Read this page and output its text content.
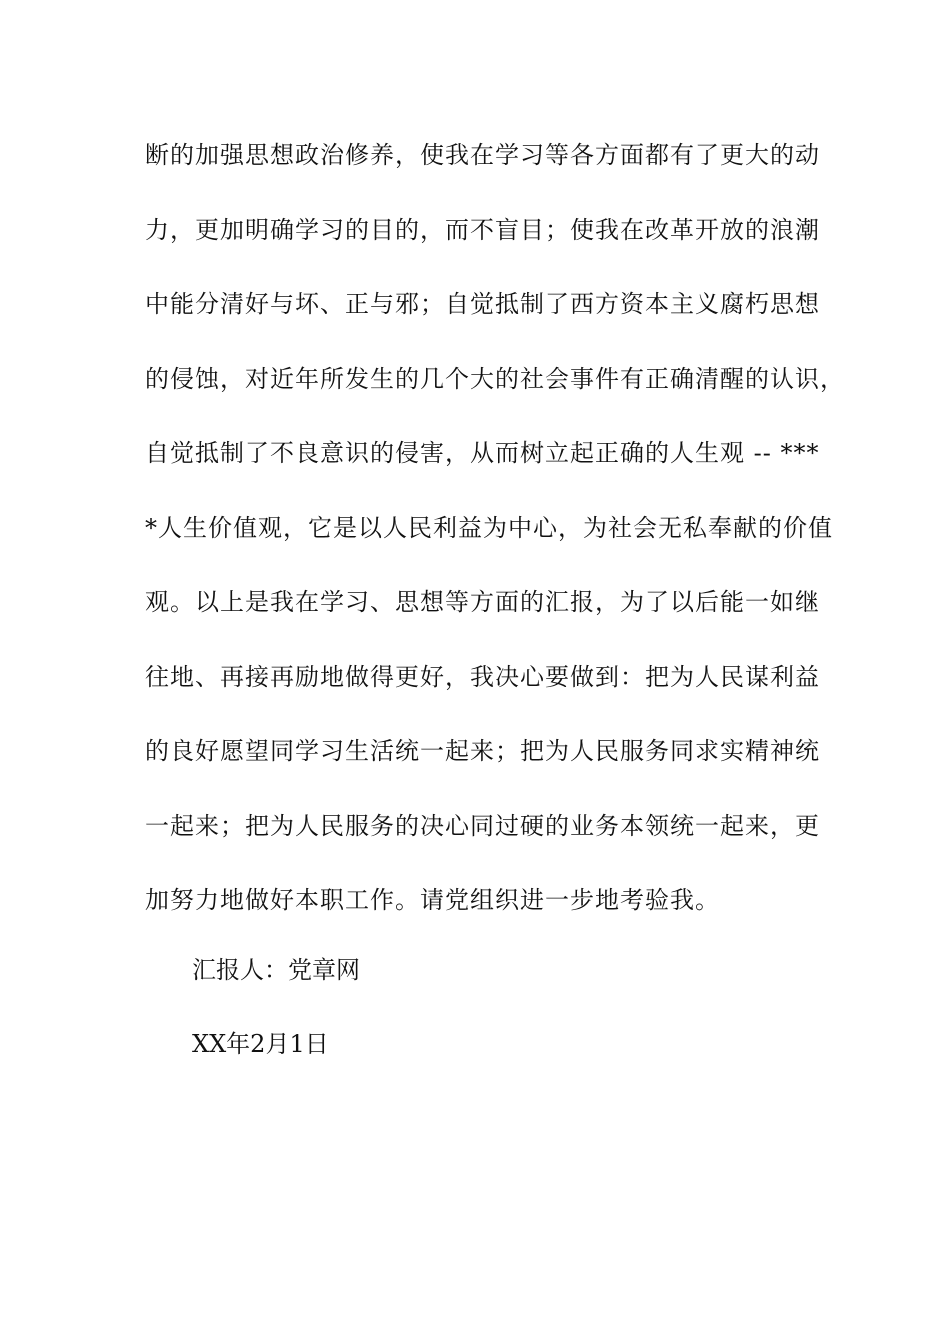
断的加强思想政治修养，使我在学习等各方面都有了更大的动
力，更加明确学习的目的，而不盲目；使我在改革开放的浪潮
中能分清好与坏、正与邪；自觉抵制了西方资本主义腐朽思想
的侵蚀，对近年所发生的几个大的社会事件有正确清醒的认识，
自觉抵制了不良意识的侵害，从而树立起正确的人生观 -- ***
*人生价值观，它是以人民利益为中心，为社会无私奉献的价值
观。以上是我在学习、思想等方面的汇报，为了以后能一如继
往地、再接再励地做得更好，我决心要做到：把为人民谋利益
的良好愿望同学习生活统一起来；把为人民服务同求实精神统
一起来；把为人民服务的决心同过硬的业务本领统一起来，更
加努力地做好本职工作。请党组织进一步地考验我。
汇报人：党章网
XX年2月1日
